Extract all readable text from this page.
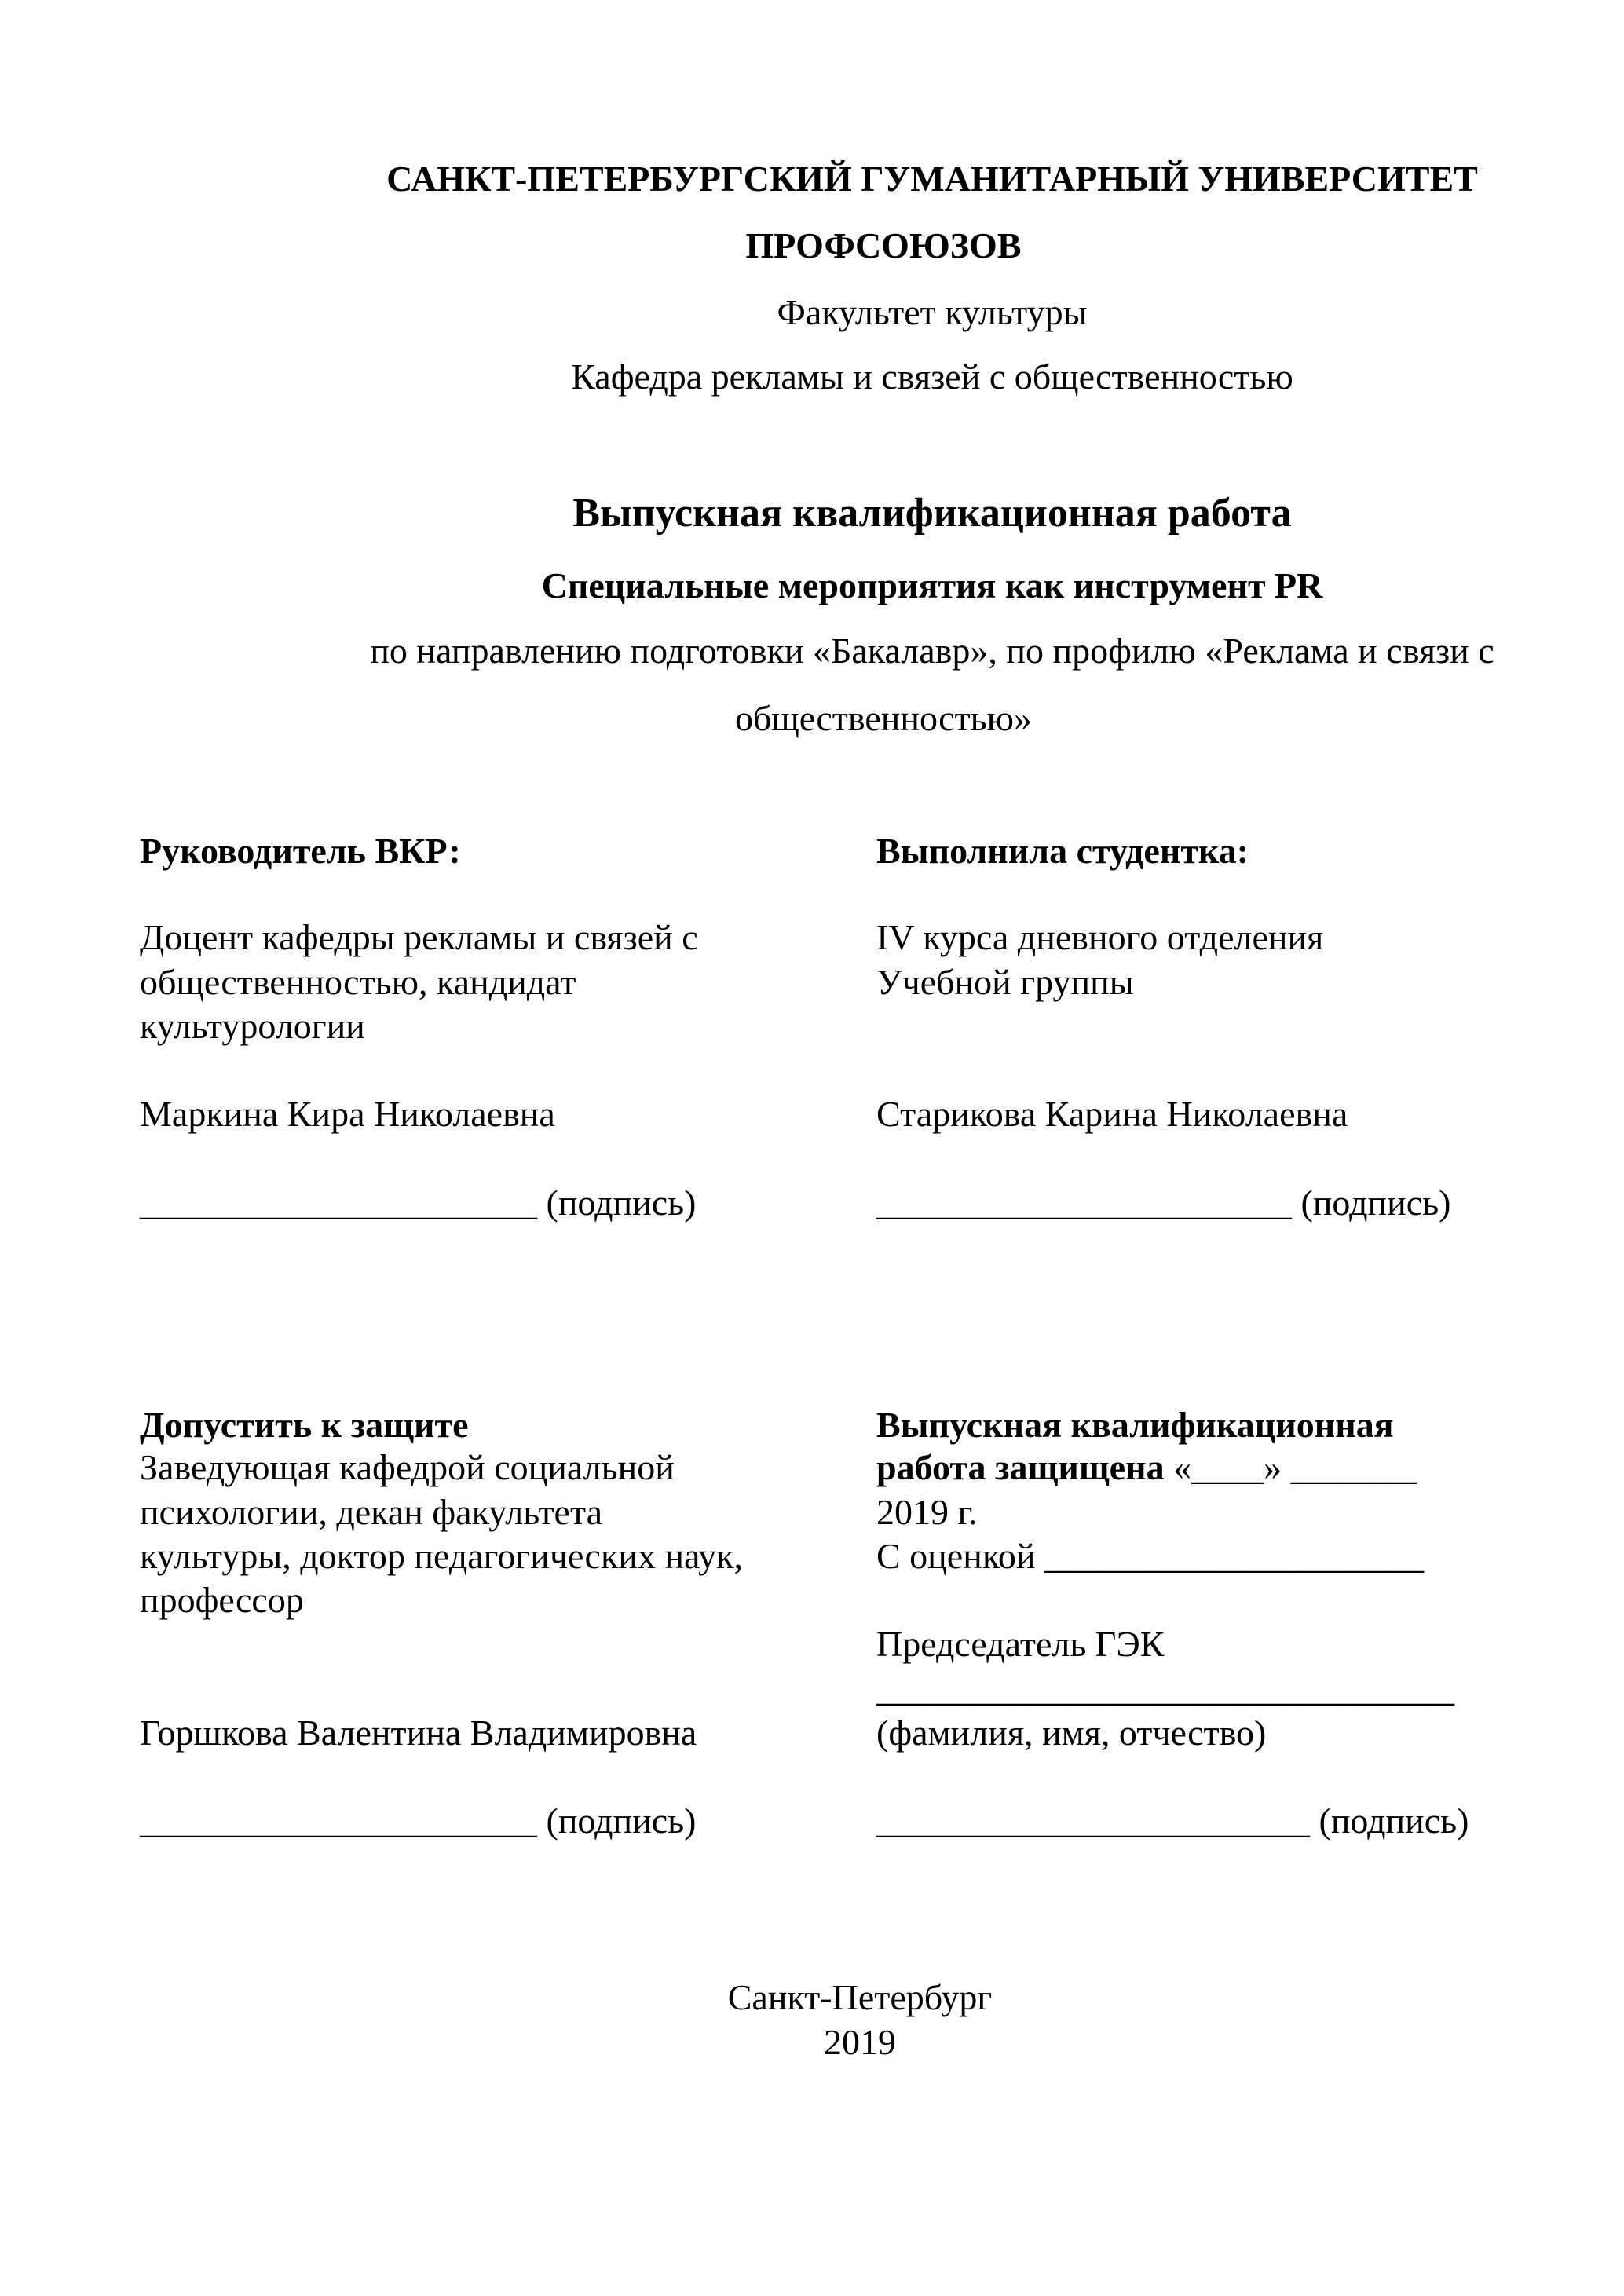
САНКТ-ПЕТЕРБУРГСКИЙ ГУМАНИТАРНЫЙ УНИВЕРСИТЕТ
ПРОФСОЮЗОВ
Факультет культуры
Кафедра рекламы и связей с общественностью
Выпускная квалификационная работа
Специальные мероприятия как инструмент PR
по направлению подготовки «Бакалавр», по профилю «Реклама и связи с
общественностью»
Руководитель ВКР:
Доцент кафедры рекламы и связей с
общественностью, кандидат
культурологии
Маркина Кира Николаевна
______________________ (подпись)
Выполнила студентка:
IV курса дневного отделения
Учебной группы
Старикова Карина Николаевна
_______________________ (подпись)
Допустить к защите
Заведующая кафедрой социальной
психологии, декан факультета
культуры, доктор педагогических наук,
профессор
Горшкова Валентина Владимировна
______________________ (подпись)
Выпускная квалификационная
работа защищена «____» _______
2019 г.
С оценкой _____________________
Председатель ГЭК
________________________________
(фамилия, имя, отчество)
________________________ (подпись)
Санкт-Петербург
2019
